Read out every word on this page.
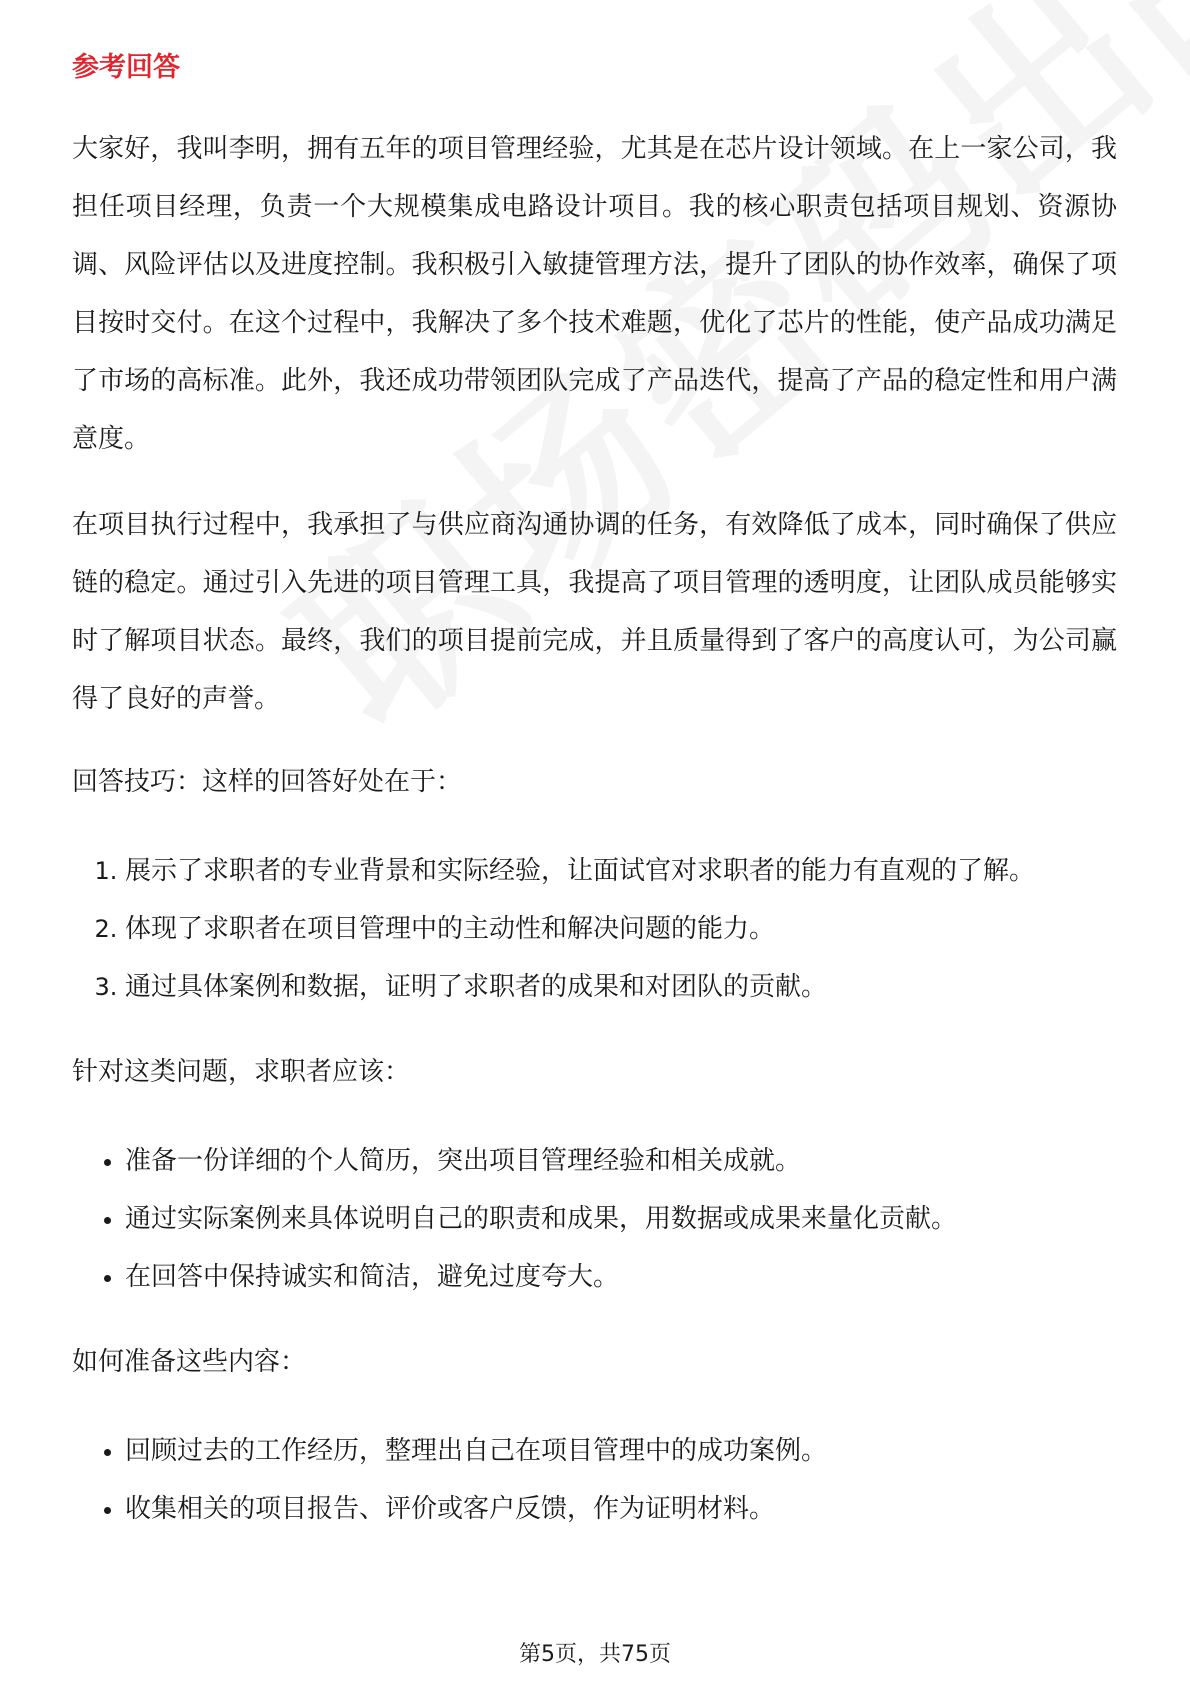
参考回答

大家好，我叫李明，拥有五年的项目管理经验，尤其是在芯片设计领域。在上一家公司，我担任项目经理，负责一个大规模集成电路设计项目。我的核心职责包括项目规划、资源协调、风险评估以及进度控制。我积极引入敏捷管理方法，提升了团队的协作效率，确保了项目按时交付。在这个过程中，我解决了多个技术难题，优化了芯片的性能，使产品成功满足了市场的高标准。此外，我还成功带领团队完成了产品迭代，提高了产品的稳定性和用户满意度。

在项目执行过程中，我承担了与供应商沟通协调的任务，有效降低了成本，同时确保了供应链的稳定。通过引入先进的项目管理工具，我提高了项目管理的透明度，让团队成员能够实时了解项目状态。最终，我们的项目提前完成，并且质量得到了客户的高度认可，为公司赢得了良好的声誉。

回答技巧：这样的回答好处在于：
1. 展示了求职者的专业背景和实际经验，让面试官对求职者的能力有直观的了解。
2. 体现了求职者在项目管理中的主动性和解决问题的能力。
3. 通过具体案例和数据，证明了求职者的成果和对团队的贡献。
针对这类问题，求职者应该：
• 准备一份详细的个人简历，突出项目管理经验和相关成就。
• 通过实际案例来具体说明自己的职责和成果，用数据或成果来量化贡献。
• 在回答中保持诚实和简洁，避免过度夸大。
如何准备这些内容：
• 回顾过去的工作经历，整理出自己在项目管理中的成功案例。
• 收集相关的项目报告、评价或客户反馈，作为证明材料。
第5页，共75页
